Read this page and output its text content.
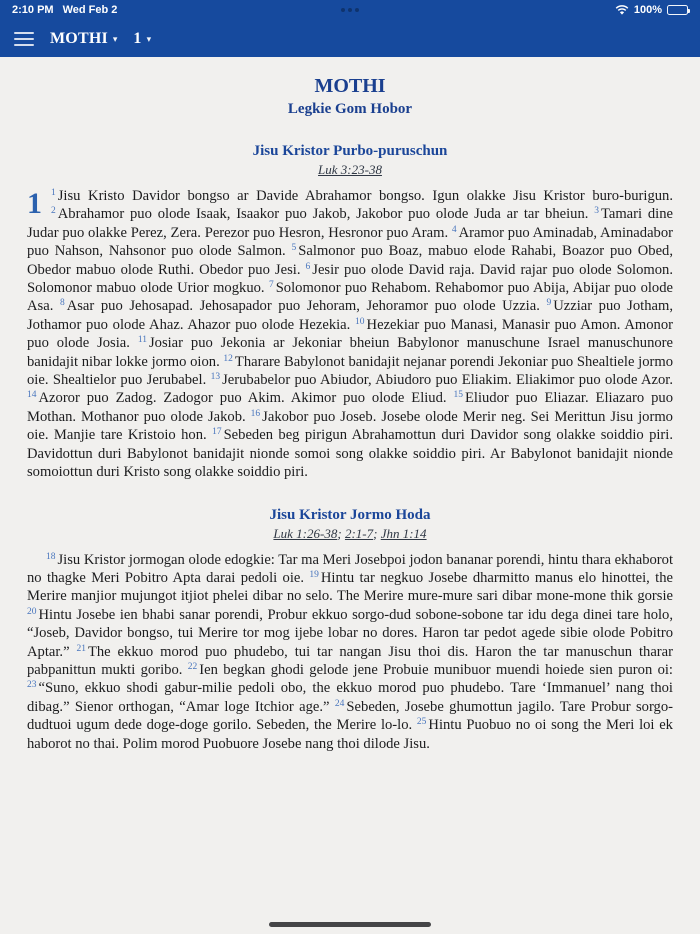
2:10 PM Wed Feb 2	100%
MOTHI ▾ 1 ▾
MOTHI
Legkie Gom Hobor
Jisu Kristor Purbo-puruschun
Luk 3:23-38

1 $^1$ Jisu Kristo Davidor bongso ar Davide Abrahamor bongso. Igun olakke Jisu Kristor buro-burigun. $^2$ Abrahamor puo olode Isaak, Isaakor puo Jakob, Jakobor puo olode Juda ar tar bheiun. $^3$ Tamari dine Judar puo olakke Perez, Zera. Perezor puo Hesron, Hesronor puo Aram. $^4$ Aramor puo Aminadab, Aminadabor puo Nahson, Nahsonor puo olode Salmon. $^5$ Salmonor puo Boaz, mabuo elode Rahabi, Boazor puo Obed, Obedor mabuo olode Ruthi. Obedor puo Jesi. $^6$ Jesir puo olode David raja. David rajar puo olode Solomon. Solomonor mabuo olode Urior mogkuo. $^7$ Solomonor puo Rehabom. Rehabomor puo Abija, Abijar puo olode Asa. $^8$ Asar puo Jehosapad. Jehosapador puo Jehoram, Jehoramor puo olode Uzzia. $^9$ Uzziar puo Jotham, Jothamor puo olode Ahaz. Ahazor puo olode Hezekia. $^{10}$ Hezekiar puo Manasi, Manasir puo Amon. Amonor puo olode Josia. $^{11}$ Josiar puo Jekonia ar Jekoniar bheiun Babylonor manuschune Israel manuschunore banidajit nibar lokke jormo oion. $^{12}$ Tharare Babylonot banidajit nejanar porendi Jekoniar puo Shealtiele jormo oie. Shealtielor puo Jerubabel. $^{13}$ Jerubabelor puo Abiudor, Abiudoro puo Eliakim. Eliakimor puo olode Azor. $^{14}$ Azoror puo Zadog. Zadogor puo Akim. Akimor puo olode Eliud. $^{15}$ Eliudor puo Eliazar. Eliazaro puo Mothan. Mothanor puo olode Jakob. $^{16}$ Jakobor puo Joseb. Josebe olode Merir neg. Sei Merittun Jisu jormo oie. Manjie tare Kristoio hon. $^{17}$ Sebeden beg pirigun Abrahamottun duri Davidor song olakke soiddio piri. Davidottun duri Babylonot banidajit nionde somoi song olakke soiddio piri. Ar Babylonot banidajit nionde somoiottun duri Kristo song olakke soiddio piri.

Jisu Kristor Jormo Hoda
Luk 1:26-38; 2:1-7; Jhn 1:14

$^{18}$ Jisu Kristor jormogan olode edogkie: Tar ma Meri Josebpoi jodon bananar porendi, hintu thara ekhaborot no thagke Meri Pobitro Apta darai pedoli oie. $^{19}$ Hintu tar negkuo Josebe dharmitto manus elo hinottei, the Merire manjior mujungot itjiot phelei dibar no selo. The Merire mure-mure sari dibar mone-mone thik gorsie $^{20}$ Hintu Josebe ien bhabi sanar porendi, Probur ekkuo sorgo-dud sobone-sobone tar idu dega dinei tare holo, “Joseb, Davidor bongso, tui Merire tor mog ijebe lobar no dores. Haron tar pedot agede sibie olode Pobitro Aptar.” $^{21}$ The ekkuo morod puo phudebo, tui tar nangan Jisu thoi dis. Haron the tar manuschun tharar pabpanittun mukti goribo. $^{22}$ Ien begkan ghodi gelode jene Probuie munibuor muendi hoiede sien puron oi: $^{23}$ “Suno, ekkuo shodi gabur-milie pedoli obo, the ekkuo morod puo phudebo. Tare ‘Immanuel’ nang thoi dibag.” Sienor orthogan, “Amar loge Itchior age.” $^{24}$ Sebeden, Josebe ghumottun jagilo. Tare Probur sorgo-dudtuoi ugum dede doge-doge gorilo. Sebeden, the Merire lo-lo. $^{25}$ Hintu Puobuo no oi song the Meri loi ek haborot no thai. Polim morod Puobuore Josebe nang thoi dilode Jisu.
